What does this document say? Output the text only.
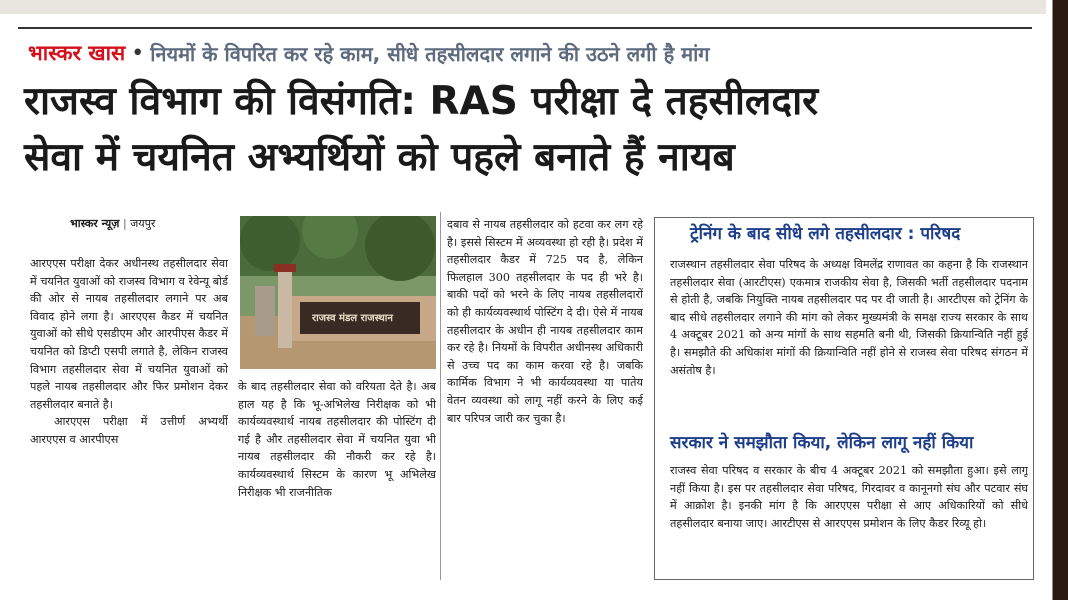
भास्कर खास • नियमों के विपरित कर रहे काम, सीधे तहसीलदार लगाने की उठने लगी है मांग
राजस्व विभाग की विसंगति: RAS परीक्षा दे तहसीलदार
सेवा में चयनित अभ्यर्थियों को पहले बनाते हैं नायब
भास्कर न्यूज़ | जयपुर

आरएएस परीक्षा देकर अधीनस्थ तहसीलदार सेवा में चयनित युवाओं को राजस्व विभाग व रेवेन्यू बोर्ड की ओर से नायब तहसीलदार लगाने पर अब विवाद होने लगा है। आरएएस कैडर में चयनित युवाओं को सीधे एसडीएम और आरपीएस कैडर में चयनित को डिप्टी एसपी लगाते है, लेकिन राजस्व विभाग तहसीलदार सेवा में चयनित युवाओं को पहले नायब तहसीलदार और फिर प्रमोशन देकर तहसीलदार बनाते है।

आरएएस परीक्षा में उत्तीर्ण अभ्यर्थी आरएएस व आरपीएस

राजस्व मंडल राजस्थान

के बाद तहसीलदार सेवा को वरियता देते है। अब हाल यह है कि भू-अभिलेख निरीक्षक को भी कार्यव्यवस्थार्थ नायब तहसीलदार की पोस्टिंग दी गई है और तहसीलदार सेवा में चयनित युवा भी नायब तहसीलदार की नौकरी कर रहे है। कार्यव्यवस्थार्थ सिस्टम के कारण भू अभिलेख निरीक्षक भी राजनीतिक

दबाव से नायब तहसीलदार को हटवा कर लग रहे है। इससे सिस्टम में अव्यवस्था हो रही है। प्रदेश में तहसीलदार कैडर में 725 पद है, लेकिन फिलहाल 300 तहसीलदार के पद ही भरे है। बाकी पदों को भरने के लिए नायब तहसीलदारों को ही कार्यव्यवस्थार्थ पोस्टिंग दे दी। ऐसे में नायब तहसीलदार के अधीन ही नायब तहसीलदार काम कर रहे है। नियमों के विपरीत अधीनस्थ अधिकारी से उच्च पद का काम करवा रहे है। जबकि कार्मिक विभाग ने भी कार्यव्यवस्था या पातेय वेतन व्यवस्था को लागू नहीं करने के लिए कई बार परिपत्र जारी कर चुका है।

ट्रेनिंग के बाद सीधे लगे तहसीलदार : परिषद

राजस्थान तहसीलदार सेवा परिषद के अध्यक्ष विमलेंद्र राणावत का कहना है कि राजस्थान तहसीलदार सेवा (आरटीएस) एकमात्र राजकीय सेवा है, जिसकी भर्ती तहसीलदार पदनाम से होती है, जबकि नियुक्ति नायब तहसीलदार पद पर दी जाती है। आरटीएस को ट्रेनिंग के बाद सीधे तहसीलदार लगाने की मांग को लेकर मुख्यमंत्री के समक्ष राज्य सरकार के साथ 4 अक्टूबर 2021 को अन्य मांगों के साथ सहमति बनी थी, जिसकी क्रियान्विति नहीं हुई है। समझौते की अधिकांश मांगों की क्रियान्विति नहीं होने से राजस्व सेवा परिषद संगठन में असंतोष है।

सरकार ने समझौता किया, लेकिन लागू नहीं किया

राजस्व सेवा परिषद व सरकार के बीच 4 अक्टूबर 2021 को समझौता हुआ। इसे लागू नहीं किया है। इस पर तहसीलदार सेवा परिषद, गिरदावर व कानूनगो संघ और पटवार संघ में आक्रोश है। इनकी मांग है कि आरएएस परीक्षा से आए अधिकारियों को सीधे तहसीलदार बनाया जाए। आरटीएस से आरएएस प्रमोशन के लिए कैडर रिव्यू हो।
